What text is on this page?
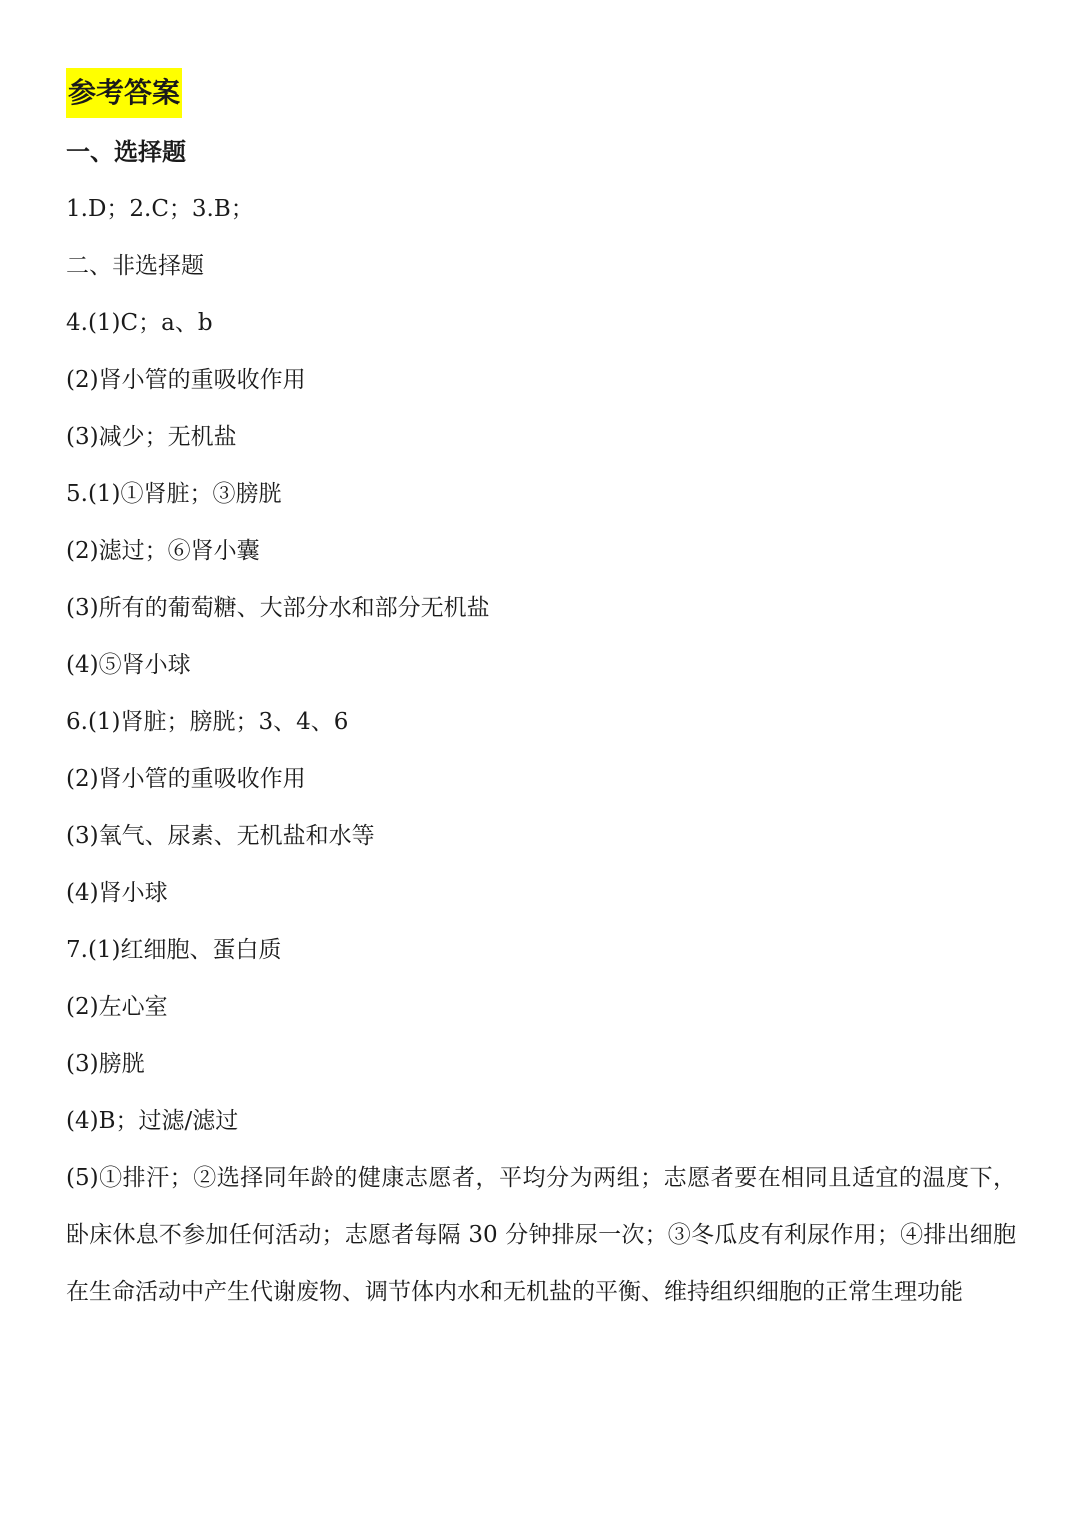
参考答案
一、选择题
1.D；2.C；3.B；
二、非选择题
4.(1)C；a、b
(2)肾小管的重吸收作用
(3)减少；无机盐
5.(1)①肾脏；③膀胱
(2)滤过；⑥肾小囊
(3)所有的葡萄糖、大部分水和部分无机盐
(4)⑤肾小球
6.(1)肾脏；膀胱；3、4、6
(2)肾小管的重吸收作用
(3)氧气、尿素、无机盐和水等
(4)肾小球
7.(1)红细胞、蛋白质
(2)左心室
(3)膀胱
(4)B；过滤/滤过
(5)①排汗；②选择同年龄的健康志愿者，平均分为两组；志愿者要在相同且适宜的温度下，卧床休息不参加任何活动；志愿者每隔 30 分钟排尿一次；③冬瓜皮有利尿作用；④排出细胞在生命活动中产生代谢废物、调节体内水和无机盐的平衡、维持组织细胞的正常生理功能
